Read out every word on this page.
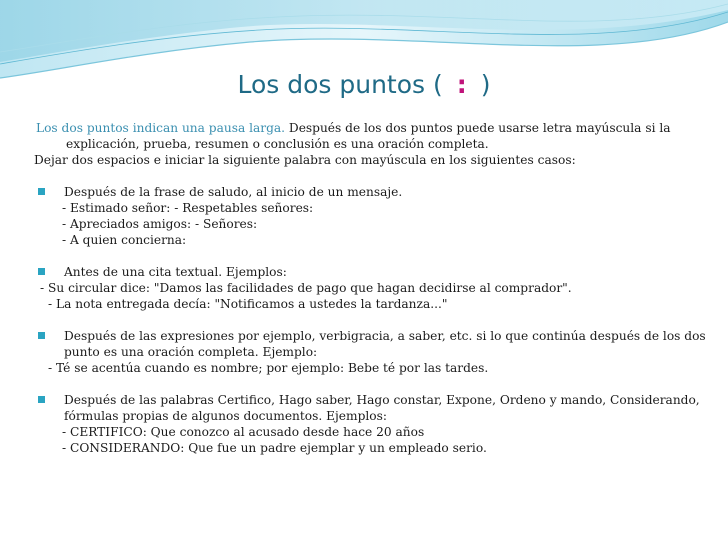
Los dos puntos ( : )

Los dos puntos indican una pausa larga. Después de los dos puntos puede usarse letra mayúscula si la explicación, prueba, resumen o conclusión es una oración completa.

Dejar dos espacios e iniciar la siguiente palabra con mayúscula en los siguientes casos:

Después de la frase de saludo, al inicio de un mensaje.

- Estimado señor: - Respetables señores:

- Apreciados amigos: - Señores:

- A quien concierna:

Antes de una cita textual. Ejemplos:

- Su circular dice: "Damos las facilidades de pago que hagan decidirse al comprador".

- La nota entregada decía: "Notificamos a ustedes la tardanza..."

Después de las expresiones por ejemplo, verbigracia, a saber, etc. si lo que continúa después de los dos punto es una oración completa. Ejemplo:

- Té se acentúa cuando es nombre; por ejemplo: Bebe té por las tardes.

Después de las palabras Certifico, Hago saber, Hago constar, Expone, Ordeno y mando, Considerando, fórmulas propias de algunos documentos. Ejemplos:

- CERTIFICO: Que conozco al acusado desde hace 20 años

- CONSIDERANDO: Que fue un padre ejemplar y un empleado serio.
